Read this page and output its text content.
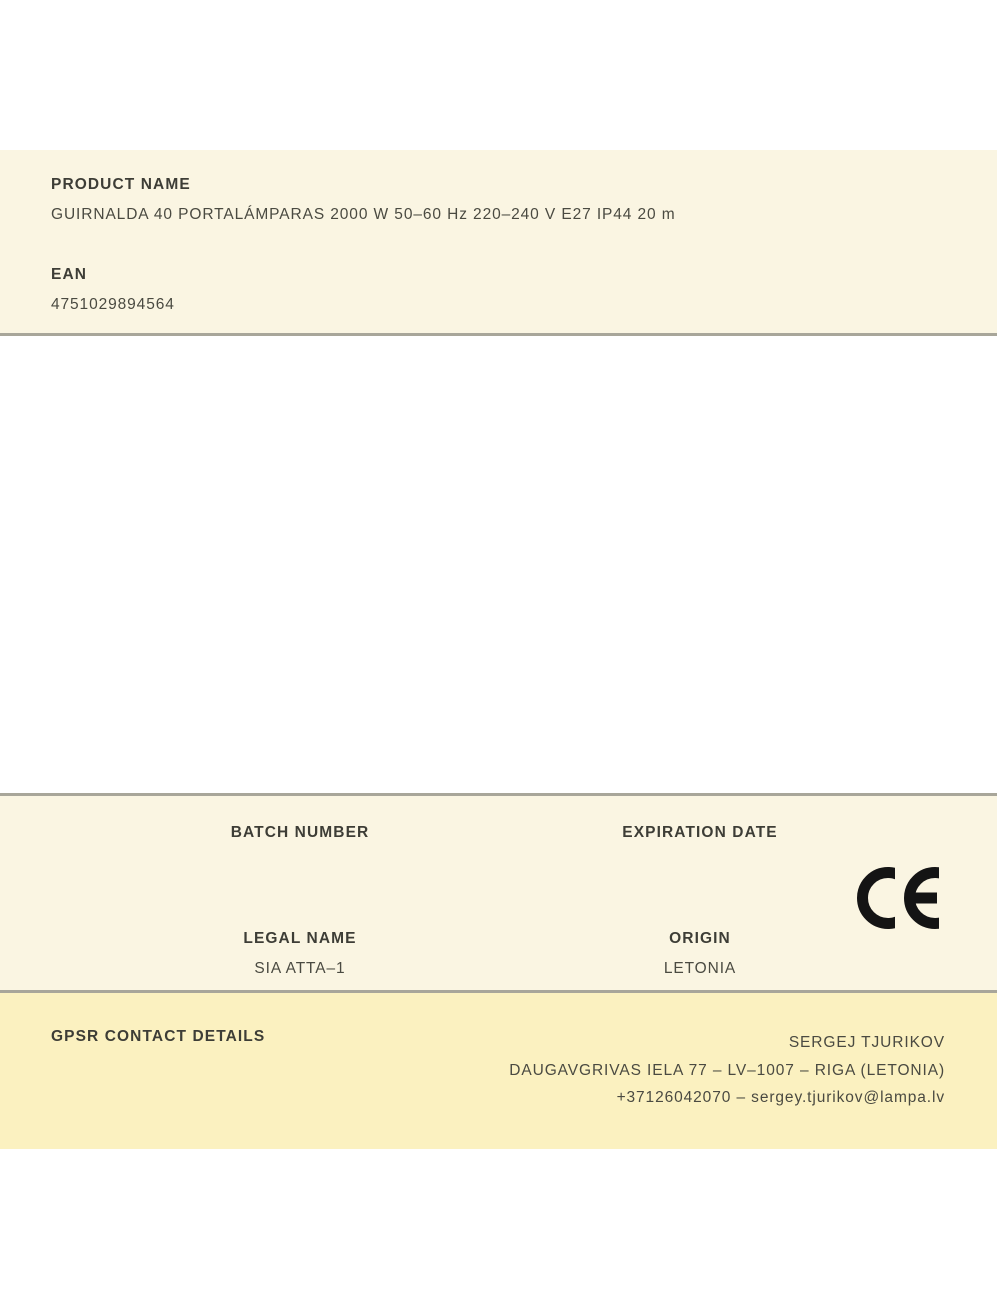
PRODUCT NAME
GUIRNALDA 40 PORTALÁMPARAS 2000 W 50–60 Hz 220–240 V E27 IP44 20 m
EAN
4751029894564
BATCH NUMBER	EXPIRATION DATE
LEGAL NAME
SIA ATTA–1
ORIGIN
LETONIA
GPSR CONTACT DETAILS	SERGEJ TJURIKOV
DAUGAVGRIVAS IELA 77 – LV–1007 – RIGA (LETONIA)
+37126042070 – sergey.tjurikov@lampa.lv
